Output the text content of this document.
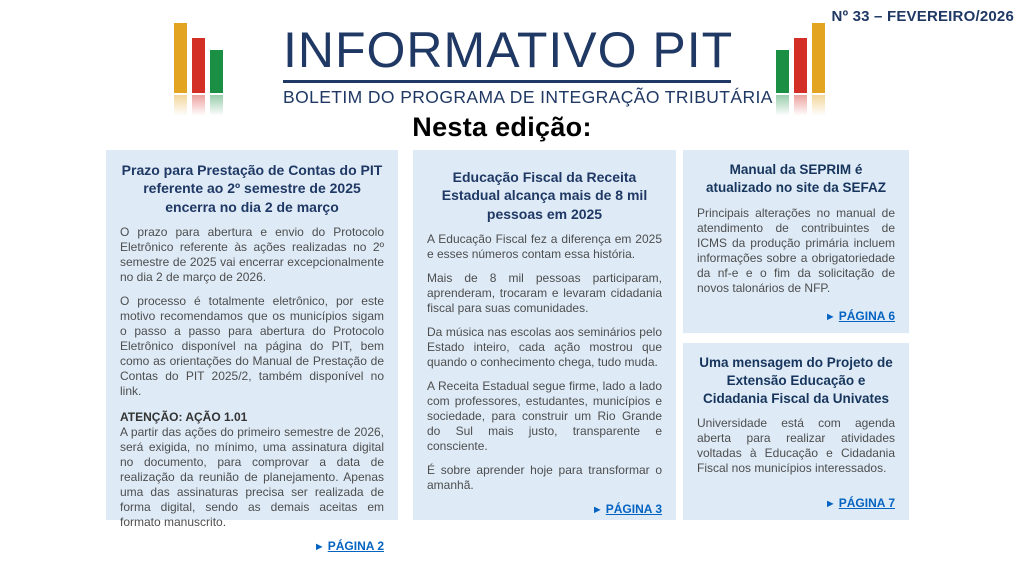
Nº 33 – FEVEREIRO/2026
INFORMATIVO PIT
BOLETIM DO PROGRAMA DE INTEGRAÇÃO TRIBUTÁRIA
Nesta edição:
Prazo para Prestação de Contas do PIT referente ao 2º semestre de 2025 encerra no dia 2 de março

O prazo para abertura e envio do Protocolo Eletrônico referente às ações realizadas no 2º semestre de 2025 vai encerrar excepcionalmente no dia 2 de março de 2026.

O processo é totalmente eletrônico, por este motivo recomendamos que os municípios sigam o passo a passo para abertura do Protocolo Eletrônico disponível na página do PIT, bem como as orientações do Manual de Prestação de Contas do PIT 2025/2, também disponível no link.

ATENÇÃO: AÇÃO 1.01

A partir das ações do primeiro semestre de 2026, será exigida, no mínimo, uma assinatura digital no documento, para comprovar a data de realização da reunião de planejamento. Apenas uma das assinaturas precisa ser realizada de forma digital, sendo as demais aceitas em formato manuscrito.

► PÁGINA 2
Educação Fiscal da Receita Estadual alcança mais de 8 mil pessoas em 2025

A Educação Fiscal fez a diferença em 2025 e esses números contam essa história.

Mais de 8 mil pessoas participaram, aprenderam, trocaram e levaram cidadania fiscal para suas comunidades.

Da música nas escolas aos seminários pelo Estado inteiro, cada ação mostrou que quando o conhecimento chega, tudo muda.

A Receita Estadual segue firme, lado a lado com professores, estudantes, municípios e sociedade, para construir um Rio Grande do Sul mais justo, transparente e consciente.

É sobre aprender hoje para transformar o amanhã.

► PÁGINA 3
Manual da SEPRIM é atualizado no site da SEFAZ

Principais alterações no manual de atendimento de contribuintes de ICMS da produção primária incluem informações sobre a obrigatoriedade da nf-e e o fim da solicitação de novos talonários de NFP.

► PÁGINA 6
Uma mensagem do Projeto de Extensão Educação e Cidadania Fiscal da Univates

Universidade está com agenda aberta para realizar atividades voltadas à Educação e Cidadania Fiscal nos municípios interessados.

► PÁGINA 7
